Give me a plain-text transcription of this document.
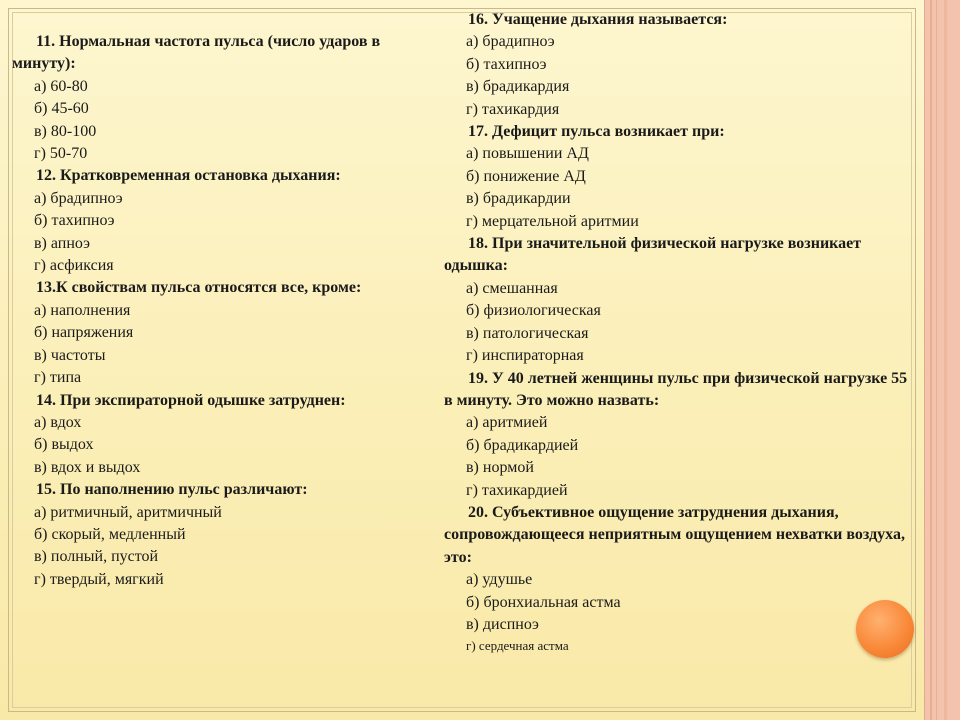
11. Нормальная частота пульса (число ударов в минуту):
а) 60-80
б) 45-60
в) 80-100
г) 50-70
12. Кратковременная остановка дыхания:
а) брадипноэ
б) тахипноэ
в) апноэ
г) асфиксия
13.К свойствам пульса относятся все, кроме:
а) наполнения
б) напряжения
в) частоты
г) типа
14. При экспираторной одышке затруднен:
а) вдох
б) выдох
в) вдох и выдох
15. По наполнению пульс различают:
а) ритмичный, аритмичный
б) скорый, медленный
в) полный, пустой
г) твердый, мягкий
16. Учащение дыхания называется:
а) брадипноэ
б) тахипноэ
в) брадикардия
г) тахикардия
17. Дефицит пульса возникает при:
а) повышении АД
б) понижение АД
в) брадикардии
г) мерцательной аритмии
18. При значительной физической нагрузке возникает одышка:
а) смешанная
б) физиологическая
в) патологическая
г) инспираторная
19. У 40 летней женщины пульс при физической нагрузке 55 в минуту. Это можно назвать:
а) аритмией
б) брадикардией
в) нормой
г) тахикардией
20. Субъективное ощущение затруднения дыхания, сопровождающееся неприятным ощущением нехватки воздуха, это:
а) удушье
б) бронхиальная астма
в) диспноэ
г) сердечная астма
